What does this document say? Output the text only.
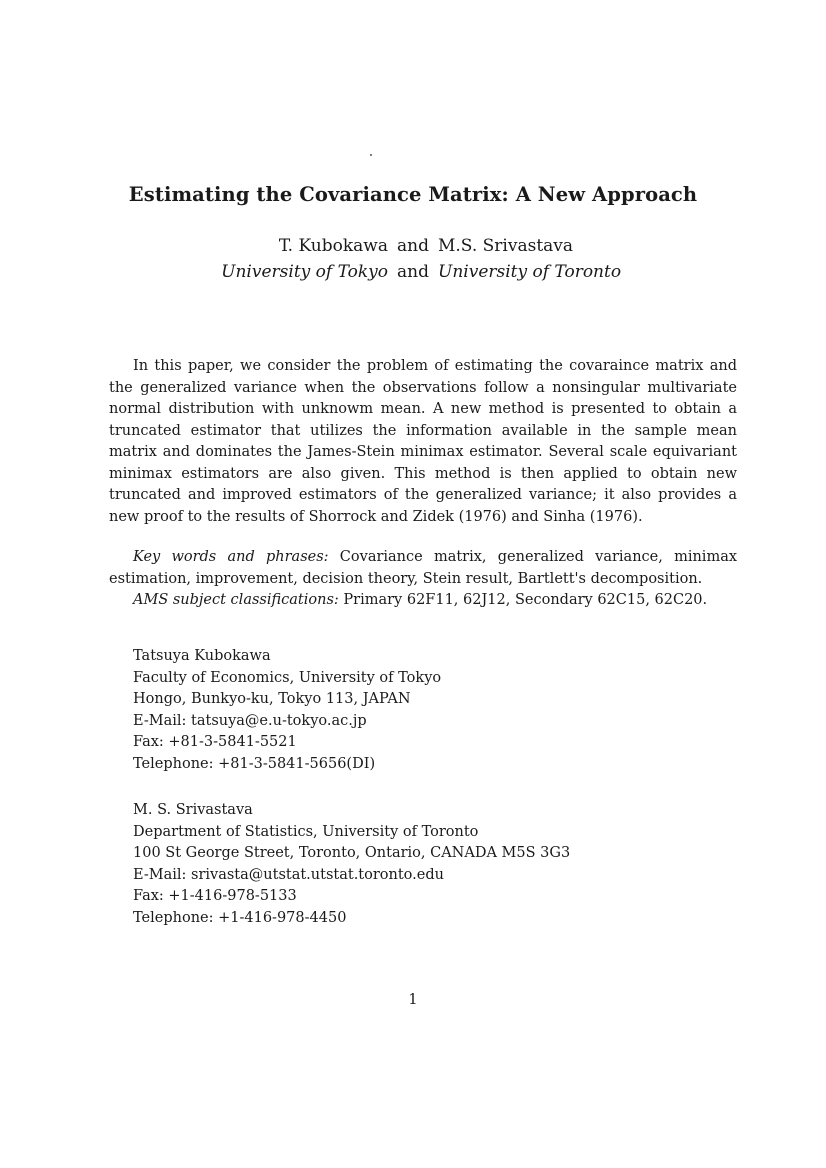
Estimating the Covariance Matrix: A New Approach
T. Kubokawa and M.S. Srivastava
University of Tokyo and University of Toronto
In this paper, we consider the problem of estimating the covaraince matrix and the generalized variance when the observations follow a nonsingular multivariate normal distribution with unknowm mean. A new method is presented to obtain a truncated estimator that utilizes the information available in the sample mean matrix and dominates the James-Stein minimax estimator. Several scale equivariant minimax estimators are also given. This method is then applied to obtain new truncated and improved estimators of the generalized variance; it also provides a new proof to the results of Shorrock and Zidek (1976) and Sinha (1976).

Key words and phrases: Covariance matrix, generalized variance, minimax estimation, improvement, decision theory, Stein result, Bartlett's decomposition.

AMS subject classifications: Primary 62F11, 62J12, Secondary 62C15, 62C20.

Tatsuya Kubokawa
Faculty of Economics, University of Tokyo
Hongo, Bunkyo-ku, Tokyo 113, JAPAN
E-Mail: tatsuya@e.u-tokyo.ac.jp
Fax: +81-3-5841-5521
Telephone: +81-3-5841-5656(DI)
M. S. Srivastava
Department of Statistics, University of Toronto
100 St George Street, Toronto, Ontario, CANADA M5S 3G3
E-Mail: srivasta@utstat.utstat.toronto.edu
Fax: +1-416-978-5133
Telephone: +1-416-978-4450
1
